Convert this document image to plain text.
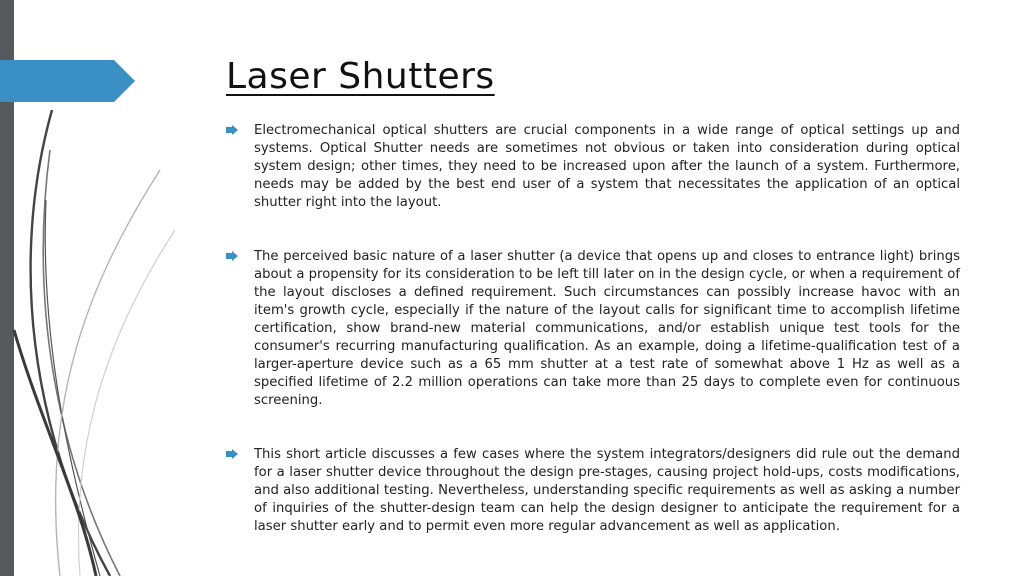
Laser Shutters
Electromechanical optical shutters are crucial components in a wide range of optical settings up and systems. Optical Shutter needs are sometimes not obvious or taken into consideration during optical system design; other times, they need to be increased upon after the launch of a system. Furthermore, needs may be added by the best end user of a system that necessitates the application of an optical shutter right into the layout.
The perceived basic nature of a laser shutter (a device that opens up and closes to entrance light) brings about a propensity for its consideration to be left till later on in the design cycle, or when a requirement of the layout discloses a defined requirement. Such circumstances can possibly increase havoc with an item's growth cycle, especially if the nature of the layout calls for significant time to accomplish lifetime certification, show brand-new material communications, and/or establish unique test tools for the consumer's recurring manufacturing qualification. As an example, doing a lifetime-qualification test of a larger-aperture device such as a 65 mm shutter at a test rate of somewhat above 1 Hz as well as a specified lifetime of 2.2 million operations can take more than 25 days to complete even for continuous screening.
This short article discusses a few cases where the system integrators/designers did rule out the demand for a laser shutter device throughout the design pre-stages, causing project hold-ups, costs modifications, and also additional testing. Nevertheless, understanding specific requirements as well as asking a number of inquiries of the shutter-design team can help the design designer to anticipate the requirement for a laser shutter early and to permit even more regular advancement as well as application.
